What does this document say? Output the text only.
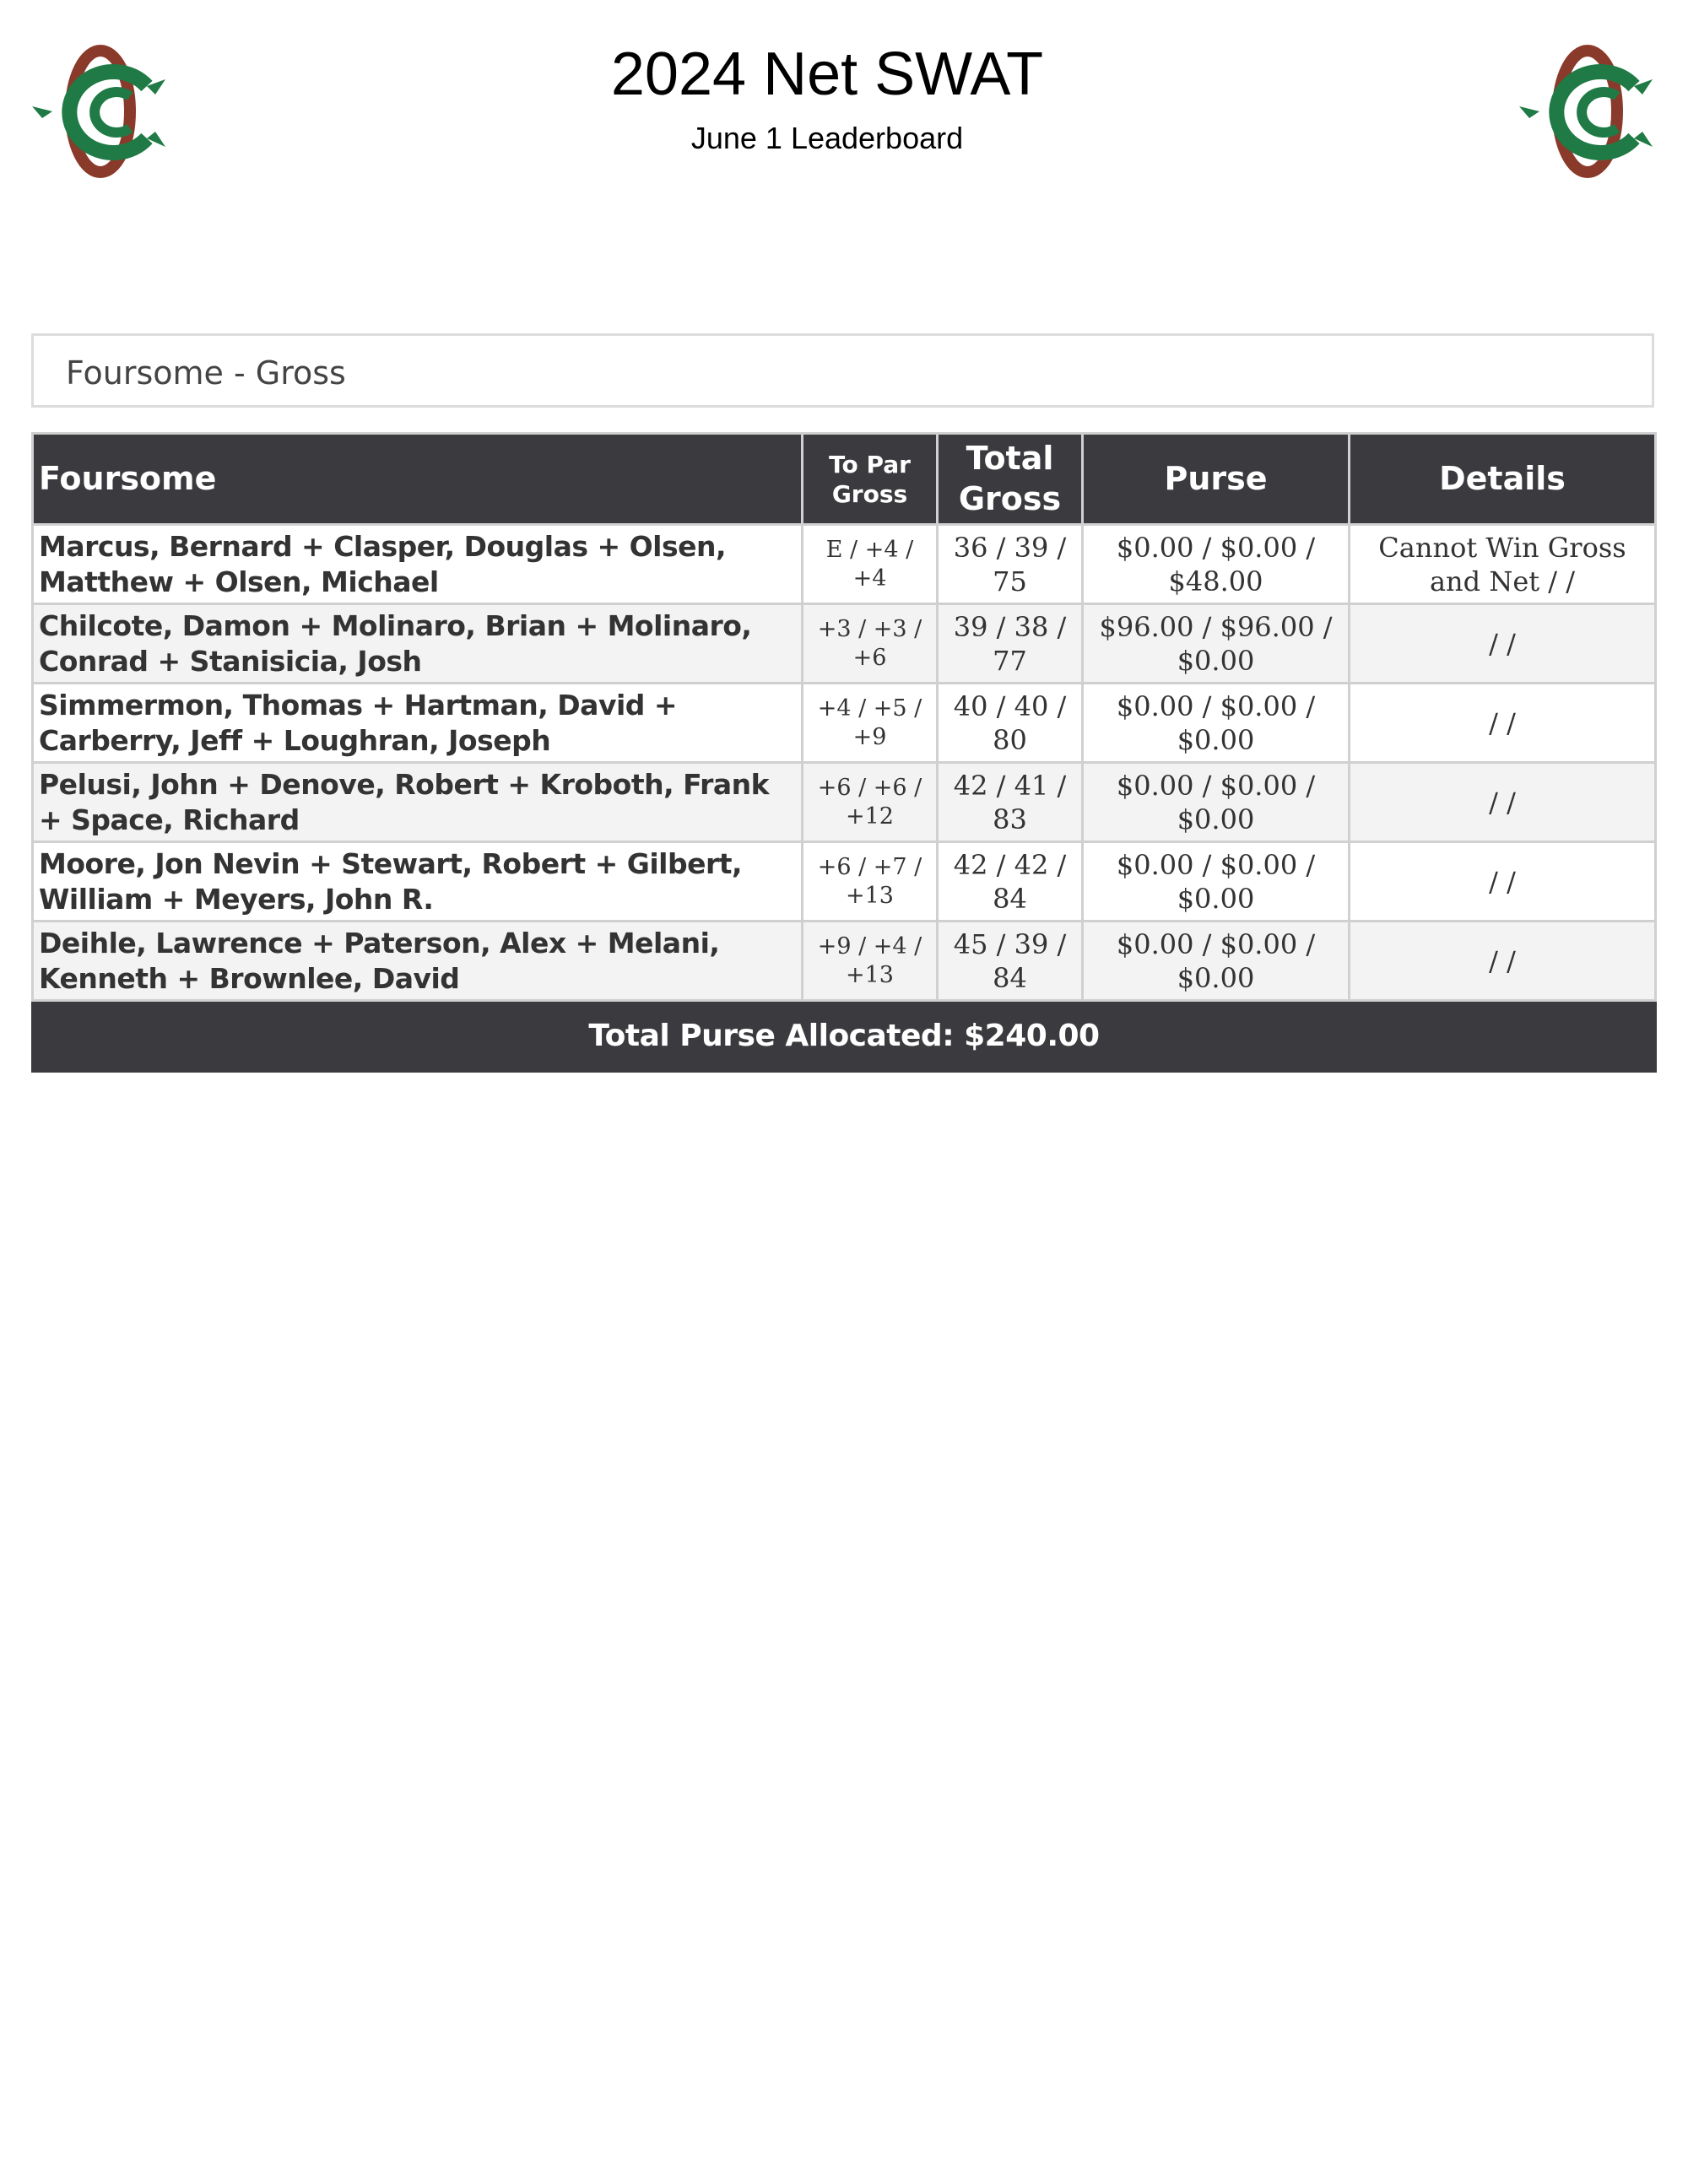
2024 Net SWAT
June 1 Leaderboard
Foursome - Gross
Foursome	To Par Gross	Total Gross	Purse	Details
Marcus, Bernard + Clasper, Douglas + Olsen, Matthew + Olsen, Michael	E / +4 / +4	36 / 39 / 75	$0.00 / $0.00 / $48.00	Cannot Win Gross and Net / /
Chilcote, Damon + Molinaro, Brian + Molinaro, Conrad + Stanisicia, Josh	+3 / +3 / +6	39 / 38 / 77	$96.00 / $96.00 / $0.00	/ /
Simmermon, Thomas + Hartman, David + Carberry, Jeff + Loughran, Joseph	+4 / +5 / +9	40 / 40 / 80	$0.00 / $0.00 / $0.00	/ /
Pelusi, John + Denove, Robert + Kroboth, Frank + Space, Richard	+6 / +6 / +12	42 / 41 / 83	$0.00 / $0.00 / $0.00	/ /
Moore, Jon Nevin + Stewart, Robert + Gilbert, William + Meyers, John R.	+6 / +7 / +13	42 / 42 / 84	$0.00 / $0.00 / $0.00	/ /
Deihle, Lawrence + Paterson, Alex + Melani, Kenneth + Brownlee, David	+9 / +4 / +13	45 / 39 / 84	$0.00 / $0.00 / $0.00	/ /
Total Purse Allocated: $240.00				
